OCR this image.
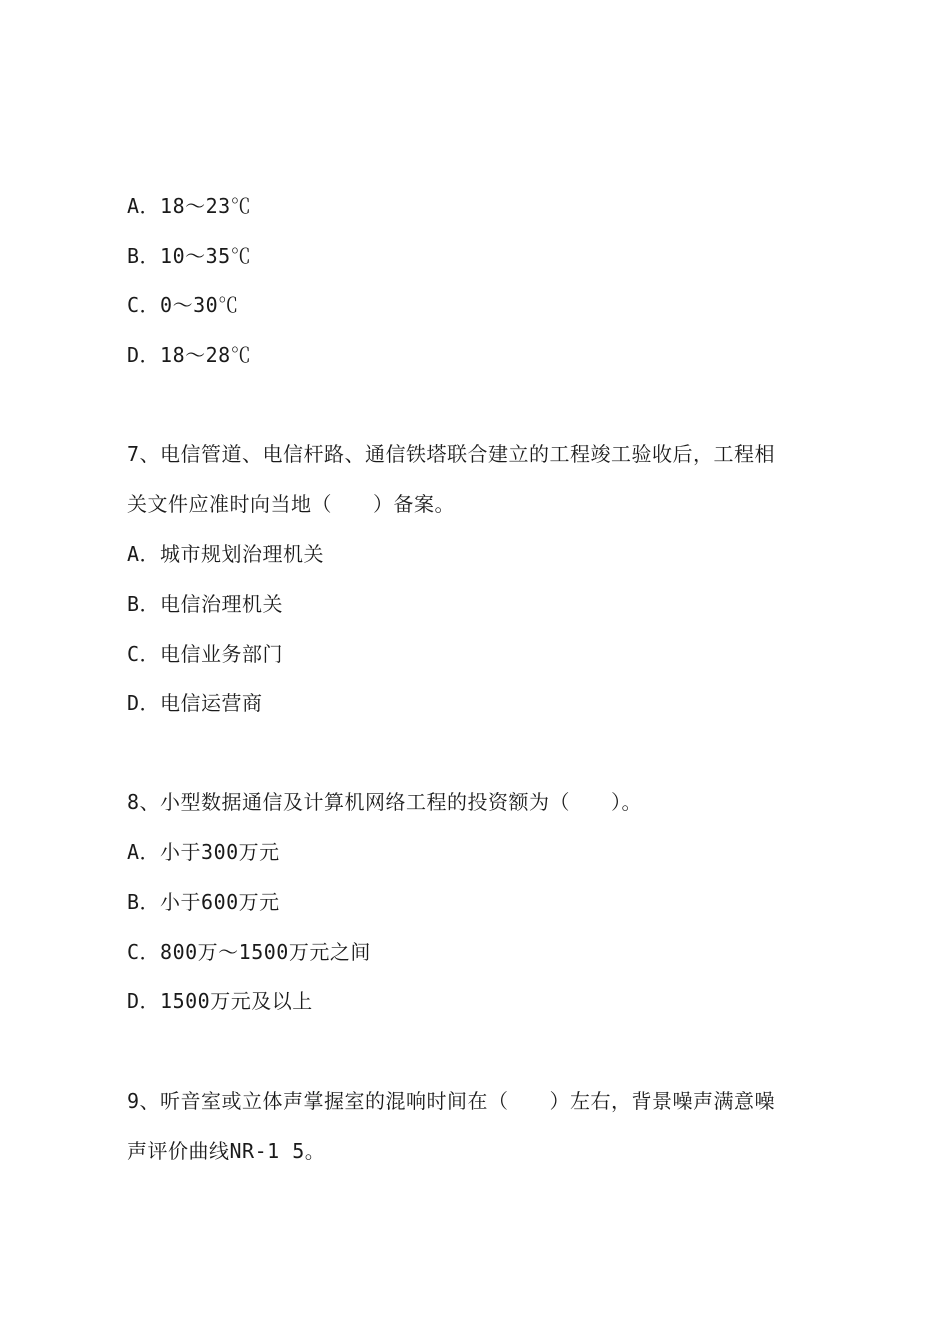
A．18～23℃
B．10～35℃
C．0～30℃
D．18～28℃
7、电信管道、电信杆路、通信铁塔联合建立的工程竣工验收后，工程相
关文件应准时向当地（　　）备案。
A．城市规划治理机关
B．电信治理机关
C．电信业务部门
D．电信运营商
8、小型数据通信及计算机网络工程的投资额为（　　）。
A．小于300万元
B．小于600万元
C．800万～1500万元之间
D．1500万元及以上
9、听音室或立体声掌握室的混响时间在（　　）左右，背景噪声满意噪
声评价曲线NR-1 5。
